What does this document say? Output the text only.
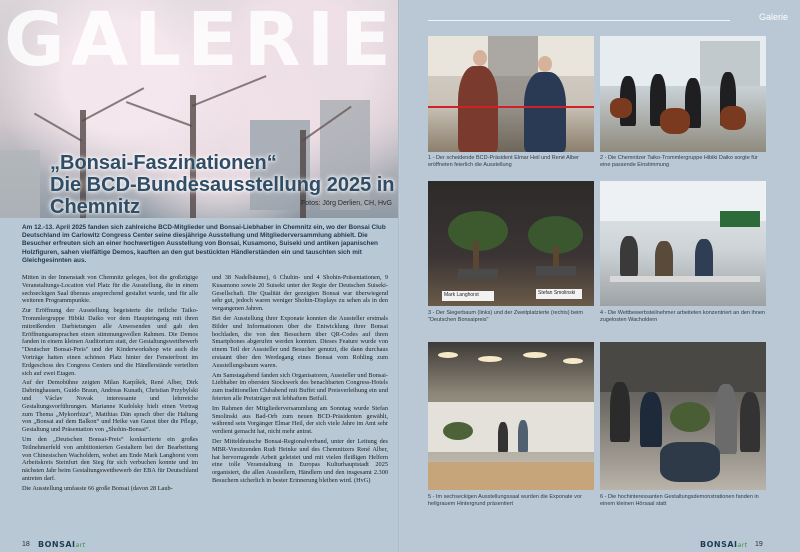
GALERIE
„Bonsai-Faszinationen“
Die BCD-Bundesausstellung 2025 in
Chemnitz	Fotos: Jörg Derlien, CH, HvG

Am 12.-13. April 2025 fanden sich zahlreiche BCD-Mitglieder und Bonsai-Liebhaber in Chemnitz ein, wo der Bonsai Club Deutschland im Carlowitz Congress Center seine diesjährige Ausstellung und Mitgliederversammlung abhielt. Die Besucher erfreuten sich an einer hochwertigen Ausstellung von Bonsai, Kusamono, Suiseki und antiken japanischen Holzfiguren, sahen vielfältige Demos, kauften an den gut bestückten Händlerständen ein und tauschten sich mit Gleichgesinnten aus.

Mitten in der Innenstadt von Chemnitz gelegen, bot die großzügige Veranstaltungs-Location viel Platz für die Ausstellung, die in einem sechseckigen Saal überaus ansprechend gestaltet wurde, und für alle weiteren Programmpunkte.

Zur Eröffnung der Ausstellung begeisterte die örtliche Taiko-Trommlergruppe Hibiki Daiko vor dem Haupteingang mit ihren mitreißenden Darbietungen alle Anwesenden und gab den Eröffnungsansprachen einen stimmungsvollen Rahmen. Die Demos fanden in einem kleinen Auditorium statt, der Gestaltungswettbewerb "Deutscher Bonsai-Preis" und der Kinderworkshop wie auch die Vorträge hatten einen schönen Platz hinter der Fensterfront im Erdgeschoss des Congress Centers und die Händlerstände verteilten sich auf zwei Etagen.

Auf der Demobühne zeigten Milan Karpíšek, René Alber, Dirk Dabringhausen, Guido Braun, Andreas Kunath, Christian Przybylski und Václav Novak interessante und lehrreiche Gestaltungsvorführungen. Marianne Kudolsky hielt einen Vortrag zum Thema „Mykorrhiza“, Matthias Dän sprach über die Haltung von „Bonsai auf dem Balkon“ und Heike van Gunst über die Pflege, Gestaltung und Präsentation von „Shohin-Bonsai“.

Um den „Deutschen Bonsai-Preis“ konkurrierte ein großes Teilnehmerfeld von ambitionierten Gestaltern bei der Bearbeitung von Chinesischen Wacholdern, wobei am Ende Mark Langhorst vom Arbeitskreis Steinfurt den Sieg für sich verbuchen konnte und im nächsten Jahr beim Gestaltungswettbewerb der EBA für Deutschland antreten darf.

Die Ausstellung umfasste 66 große Bonsai (davon 28 Laub-

und 38 Nadelbäume), 6 Chuhin- und 4 Shohin-Präsentationen, 9 Kusamono sowie 20 Suiseki unter der Regie der Deutschen Suiseki-Gesellschaft. Die Qualität der gezeigten Bonsai war überwiegend sehr gut, jedoch waren weniger Shohin-Displays zu sehen als in den vergangenen Jahren.

Bei der Ausstellung ihrer Exponate konnten die Aussteller erstmals Bilder und Informationen über die Entwicklung ihrer Bonsai hochladen, die von den Besuchern über QR-Codes auf ihren Smartphones abgerufen werden konnten. Dieses Feature wurde von einem Teil der Aussteller und Besucher genutzt, die dann durchaus erstaunt über den Werdegang eines Bonsai vom Rohling zum Ausstellungsbaum waren.

Am Samstagabend fanden sich Organisatoren, Aussteller und Bonsai-Liebhaber im obersten Stockwerk des benachbarten Congress-Hotels zum traditionellen Clubabend mit Buffet und Preisverleihung ein und feierten alle Preisträger mit lebhaftem Beifall.

Im Rahmen der Mitgliederversammlung am Sonntag wurde Stefan Smolinski aus Bad-Orb zum neuen BCD-Präsidenten gewählt, während sein Vorgänger Elmar Heil, der sich viele Jahre im Amt sehr verdient gemacht hat, nicht mehr antrat.

Der Mitteldeutsche Bonsai-Regionalverband, unter der Leitung des MBR-Vorsitzenden Rudi Heinke und des Chemnitzers René Alber, hat hervorragende Arbeit geleistet und mit vielen fleißigen Helfern eine tolle Veranstaltung in Europas Kulturhauptstadt 2025 organisiert, die allen Ausstellern, Händlern und den insgesamt 2.300 Besuchern sicherlich in bester Erinnerung bleiben wird. (HvG)

18 BONSAIart
Galerie

1 - Der scheidende BCD-Präsident Elmar Heil und René Alber eröffneten feierlich die Ausstellung

2 - Die Chemnitzer Taiko-Trommlergruppe Hibiki Daiko sorgte für eine passende Einstimmung

Mark Langhorst	Stefan Smolinski

3 - Der Siegerbaum (links) und der Zweitplatzierte (rechts) beim "Deutschen Bonsaipreis"

4 - Die Wettbewerbsteilnehmer arbeiteten konzentriert an den ihnen zugelosten Wacholdern

5 - Im sechseckigen Ausstellungssaal wurden die Exponate vor hellgrauem Hintergrund präsentiert

6 - Die hochinteressanten Gestaltungsdemonstrationen fanden in einem kleinen Hörsaal statt

BONSAIart 19
